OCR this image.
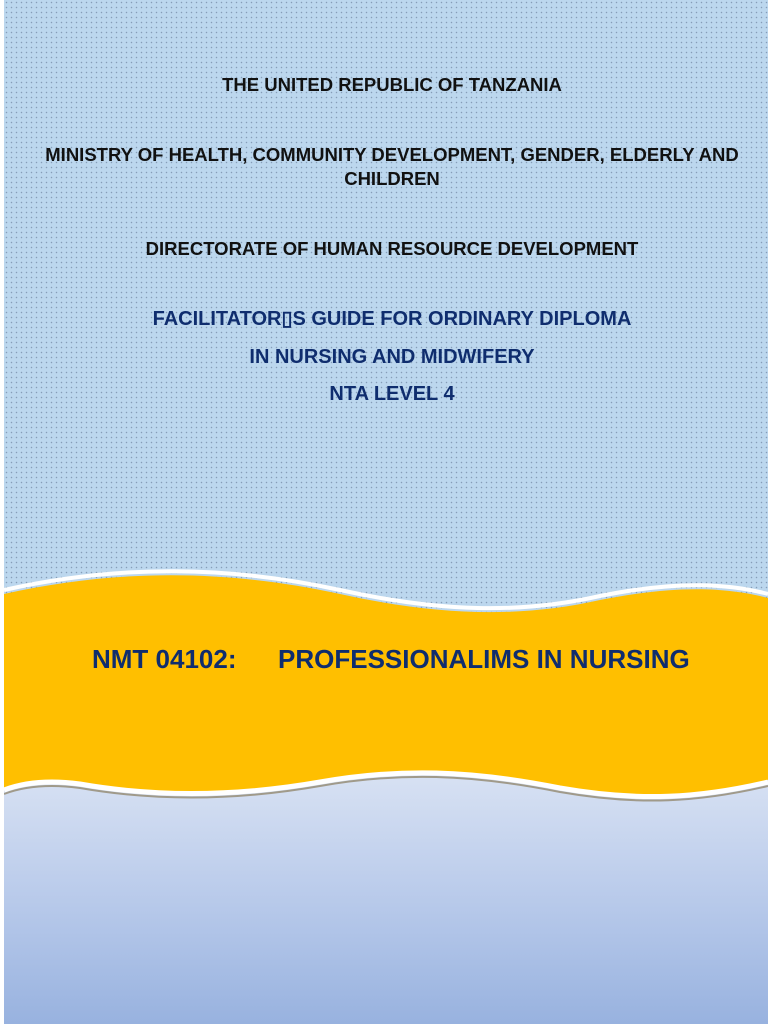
THE UNITED REPUBLIC OF TANZANIA
MINISTRY OF HEALTH, COMMUNITY DEVELOPMENT, GENDER, ELDERLY AND
CHILDREN
DIRECTORATE OF HUMAN RESOURCE DEVELOPMENT
FACILITATOR▯S GUIDE FOR ORDINARY DIPLOMA
IN NURSING AND MIDWIFERY
NTA LEVEL 4
NMT 04102: PROFESSIONALIMS IN NURSING
